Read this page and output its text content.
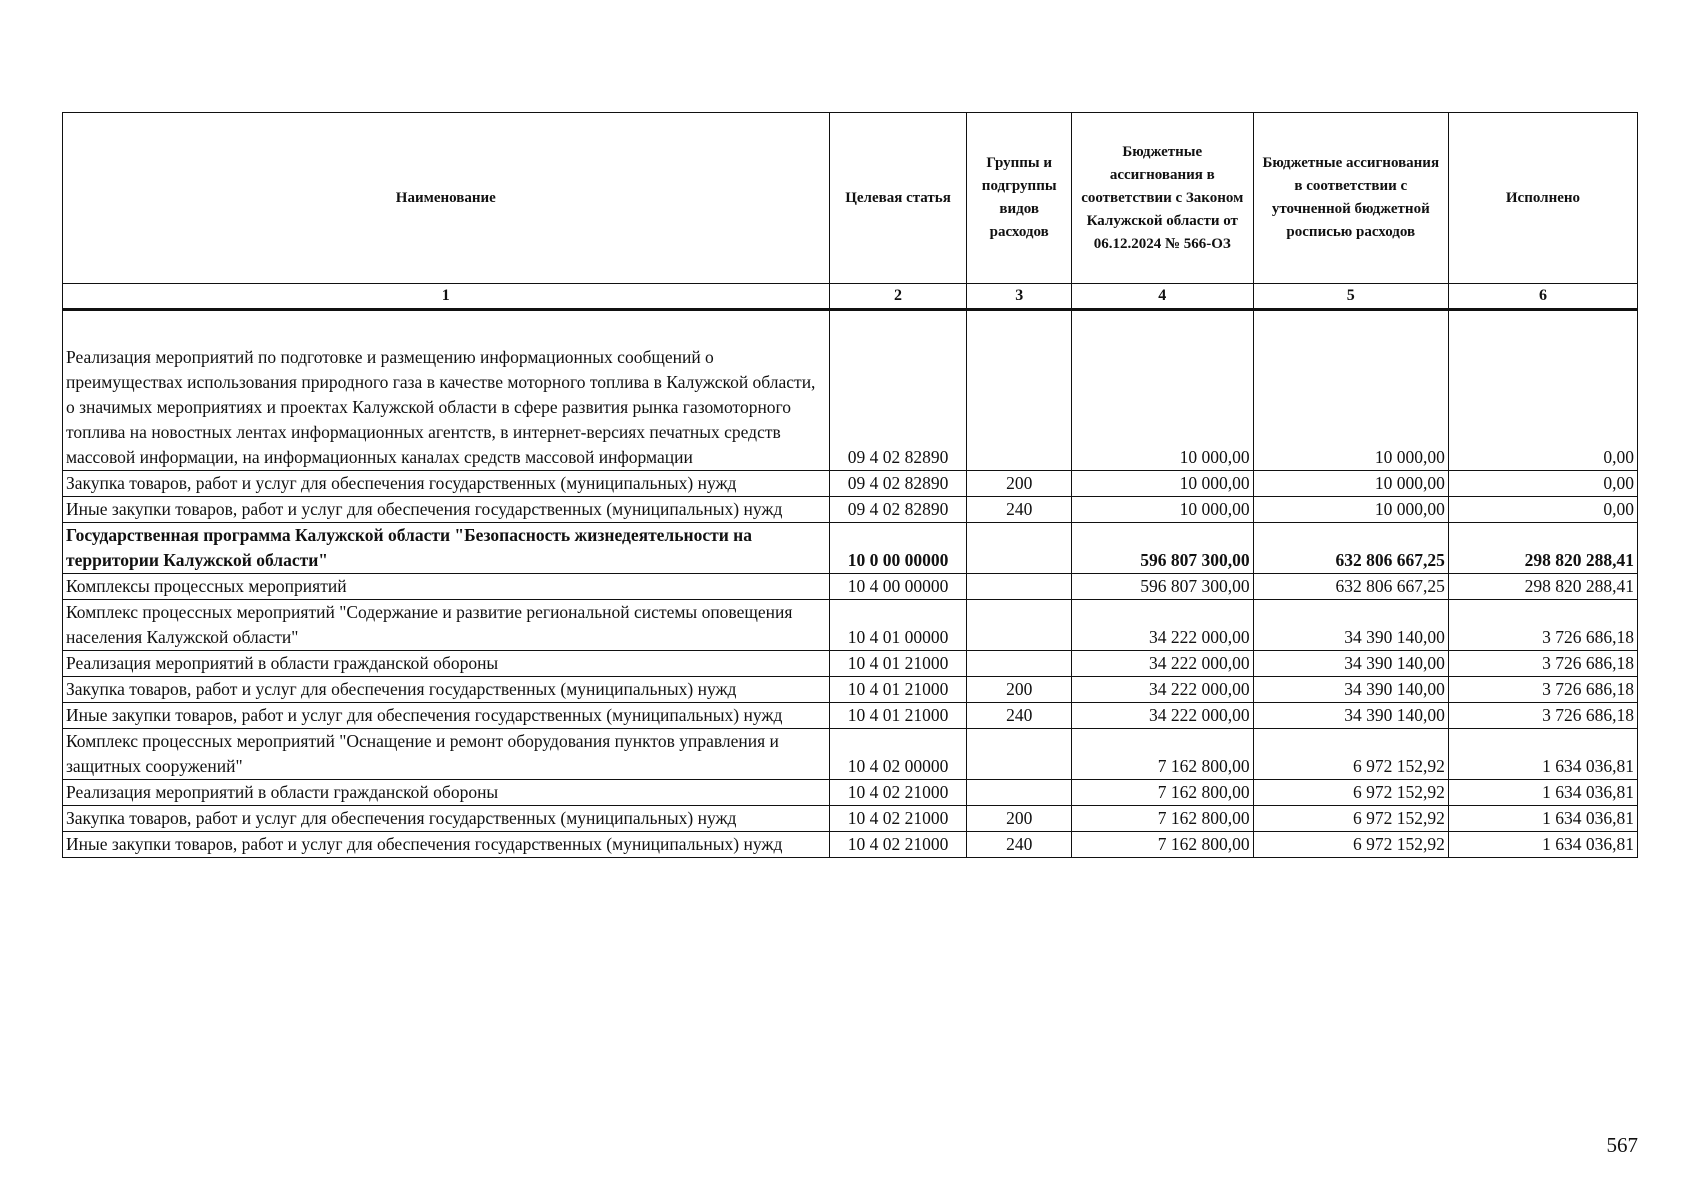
Наименование	Целевая статья	Группы и подгруппы видов расходов	Бюджетные ассигнования в соответствии с Законом Калужской области от 06.12.2024 № 566-ОЗ	Бюджетные ассигнования в соответствии с уточненной бюджетной росписью расходов	Исполнено
1	2	3	4	5	6
Реализация мероприятий по подготовке и размещению информационных сообщений о преимуществах использования природного газа в качестве моторного топлива в Калужской области, о значимых мероприятиях и проектах Калужской области в сфере развития рынка газомоторного топлива на новостных лентах информационных агентств, в интернет-версиях печатных средств массовой информации, на информационных каналах средств массовой информации	09 4 02 82890		10 000,00	10 000,00	0,00
Закупка товаров, работ и услуг для обеспечения государственных (муниципальных) нужд	09 4 02 82890	200	10 000,00	10 000,00	0,00
Иные закупки товаров, работ и услуг для обеспечения государственных (муниципальных) нужд	09 4 02 82890	240	10 000,00	10 000,00	0,00
Государственная программа Калужской области "Безопасность жизнедеятельности на территории Калужской области"	10 0 00 00000		596 807 300,00	632 806 667,25	298 820 288,41
Комплексы процессных мероприятий	10 4 00 00000		596 807 300,00	632 806 667,25	298 820 288,41
Комплекс процессных мероприятий "Содержание и развитие региональной системы оповещения населения Калужской области"	10 4 01 00000		34 222 000,00	34 390 140,00	3 726 686,18
Реализация мероприятий в области гражданской обороны	10 4 01 21000		34 222 000,00	34 390 140,00	3 726 686,18
Закупка товаров, работ и услуг для обеспечения государственных (муниципальных) нужд	10 4 01 21000	200	34 222 000,00	34 390 140,00	3 726 686,18
Иные закупки товаров, работ и услуг для обеспечения государственных (муниципальных) нужд	10 4 01 21000	240	34 222 000,00	34 390 140,00	3 726 686,18
Комплекс процессных мероприятий "Оснащение и ремонт оборудования пунктов управления и защитных сооружений"	10 4 02 00000		7 162 800,00	6 972 152,92	1 634 036,81
Реализация мероприятий в области гражданской обороны	10 4 02 21000		7 162 800,00	6 972 152,92	1 634 036,81
Закупка товаров, работ и услуг для обеспечения государственных (муниципальных) нужд	10 4 02 21000	200	7 162 800,00	6 972 152,92	1 634 036,81
Иные закупки товаров, работ и услуг для обеспечения государственных (муниципальных) нужд	10 4 02 21000	240	7 162 800,00	6 972 152,92	1 634 036,81
567
